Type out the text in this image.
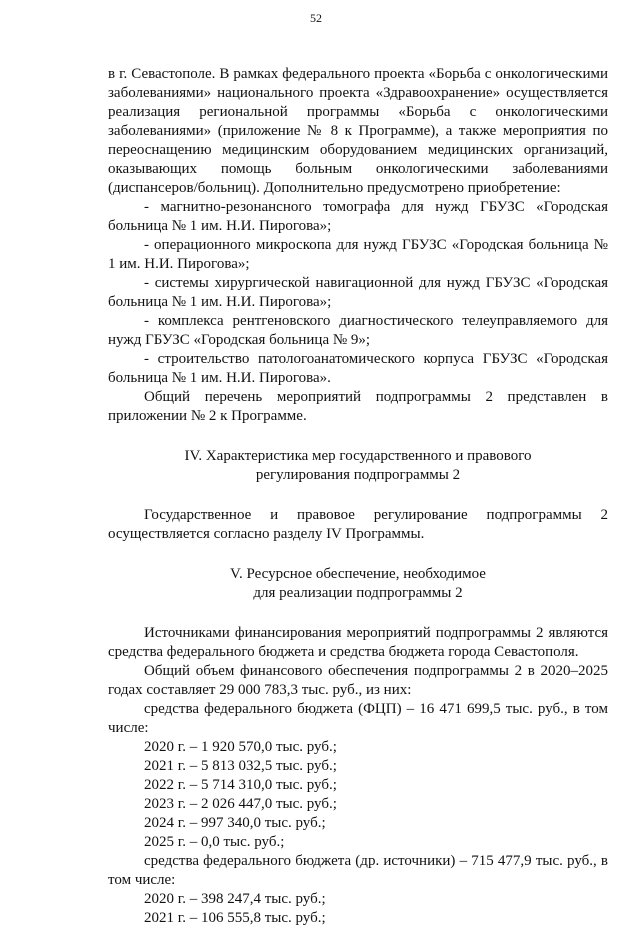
52

в г. Севастополе. В рамках федерального проекта «Борьба с онкологическими заболеваниями» национального проекта «Здравоохранение» осуществляется реализация региональной программы «Борьба с онкологическими заболеваниями» (приложение № 8 к Программе), а также мероприятия по переоснащению медицинским оборудованием медицинских организаций, оказывающих помощь больным онкологическими заболеваниями (диспансеров/больниц). Дополнительно предусмотрено приобретение:

- магнитно-резонансного томографа для нужд ГБУЗС «Городская больница № 1 им. Н.И. Пирогова»;

- операционного микроскопа для нужд ГБУЗС «Городская больница № 1 им. Н.И. Пирогова»;

- системы хирургической навигационной для нужд ГБУЗС «Городская больница № 1 им. Н.И. Пирогова»;

- комплекса рентгеновского диагностического телеуправляемого для нужд ГБУЗС «Городская больница № 9»;

- строительство патологоанатомического корпуса ГБУЗС «Городская больница № 1 им. Н.И. Пирогова».

Общий перечень мероприятий подпрограммы 2 представлен в приложении № 2 к Программе.

IV. Характеристика мер государственного и правового

регулирования подпрограммы 2

Государственное и правовое регулирование подпрограммы 2 осуществляется согласно разделу IV Программы.

V. Ресурсное обеспечение, необходимое

для реализации подпрограммы 2

Источниками финансирования мероприятий подпрограммы 2 являются средства федерального бюджета и средства бюджета города Севастополя.

Общий объем финансового обеспечения подпрограммы 2 в 2020–2025 годах составляет 29 000 783,3 тыс. руб., из них:

средства федерального бюджета (ФЦП) – 16 471 699,5 тыс. руб., в том числе:

2020 г. – 1 920 570,0 тыс. руб.;

2021 г. – 5 813 032,5 тыс. руб.;

2022 г. – 5 714 310,0 тыс. руб.;

2023 г. – 2 026 447,0 тыс. руб.;

2024 г. – 997 340,0 тыс. руб.;

2025 г. – 0,0 тыс. руб.;

средства федерального бюджета (др. источники) – 715 477,9 тыс. руб., в том числе:

2020 г. – 398 247,4 тыс. руб.;

2021 г. – 106 555,8 тыс. руб.;
